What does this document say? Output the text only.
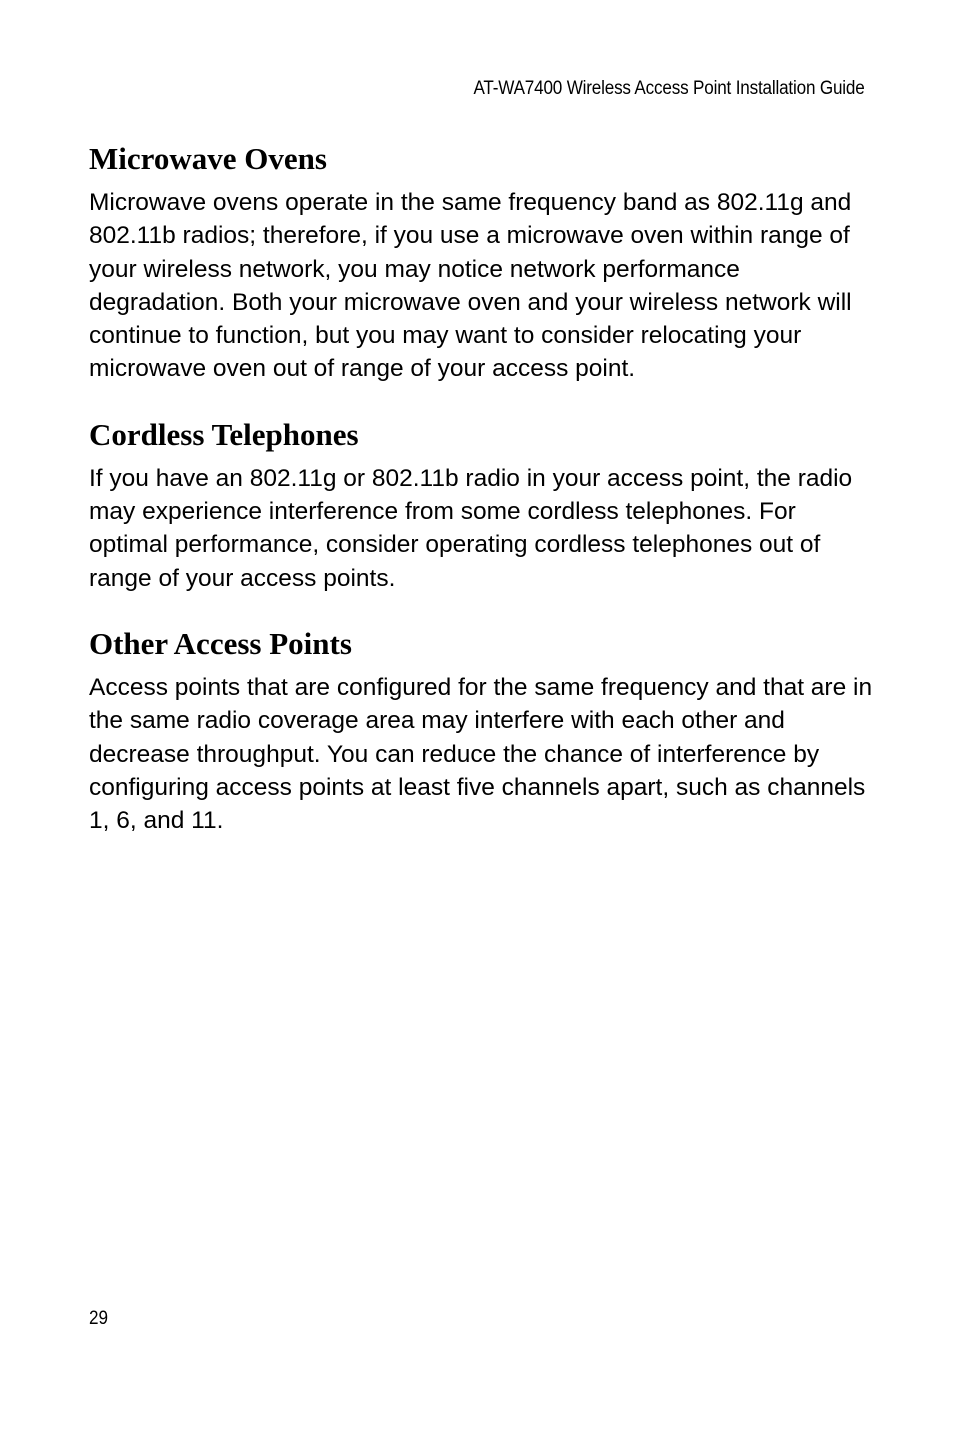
AT-WA7400 Wireless Access Point Installation Guide
Microwave Ovens

Microwave ovens operate in the same frequency band as 802.11g and 802.11b radios; therefore, if you use a microwave oven within range of your wireless network, you may notice network performance degradation. Both your microwave oven and your wireless network will continue to function, but you may want to consider relocating your microwave oven out of range of your access point.

Cordless Telephones

If you have an 802.11g or 802.11b radio in your access point, the radio may experience interference from some cordless telephones. For optimal performance, consider operating cordless telephones out of range of your access points.

Other Access Points

Access points that are configured for the same frequency and that are in the same radio coverage area may interfere with each other and decrease throughput. You can reduce the chance of interference by configuring access points at least five channels apart, such as channels 1, 6, and 11.

29
